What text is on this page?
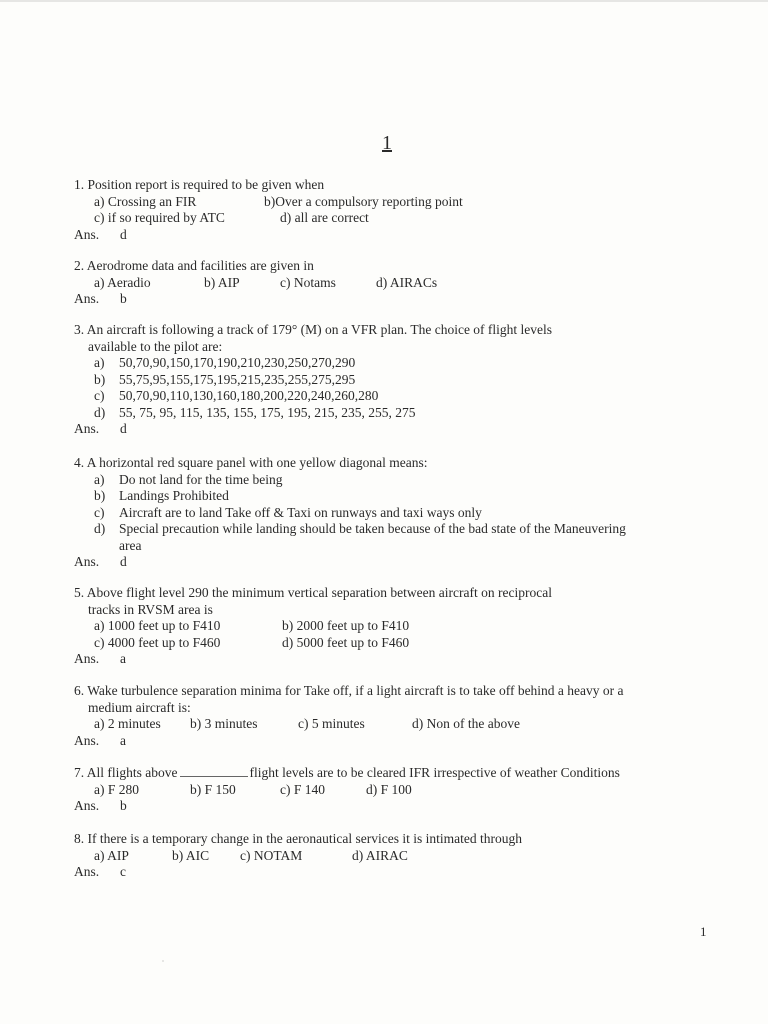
1
1. Position report is required to be given when
a) Crossing an FIR	b)Over a compulsory reporting point
c) if so required by ATC	d) all are correct
Ans. d
2. Aerodrome data and facilities are given in
a) Aeradio	b) AIP	c) Notams	d) AIRACs
Ans. b
3. An aircraft is following a track of 179° (M) on a VFR plan. The choice of flight levels
available to the pilot are:
a)	50,70,90,150,170,190,210,230,250,270,290
b)	55,75,95,155,175,195,215,235,255,275,295
c)	50,70,90,110,130,160,180,200,220,240,260,280
d)	55, 75, 95, 115, 135, 155, 175, 195, 215, 235, 255, 275
Ans. d
4. A horizontal red square panel with one yellow diagonal means:
a)	Do not land for the time being
b)	Landings Prohibited
c)	Aircraft are to land Take off & Taxi on runways and taxi ways only
d)	Special precaution while landing should be taken because of the bad state of the Maneuvering
area
Ans. d
5. Above flight level 290 the minimum vertical separation between aircraft on reciprocal
tracks in RVSM area is
a) 1000 feet up to F410	b) 2000 feet up to F410
c) 4000 feet up to F460	d) 5000 feet up to F460
Ans. a
6. Wake turbulence separation minima for Take off, if a light aircraft is to take off behind a heavy or a
medium aircraft is:
a) 2 minutes b) 3 minutes	c) 5 minutes	d) Non of the above
Ans. a
7. All flights above	flight levels are to be cleared IFR irrespective of weather Conditions
a) F 280	b) F 150	c) F 140	d) F 100
Ans. b
8. If there is a temporary change in the aeronautical services it is intimated through
a) AIP	b) AIC c) NOTAM	d) AIRAC
Ans. c
1
